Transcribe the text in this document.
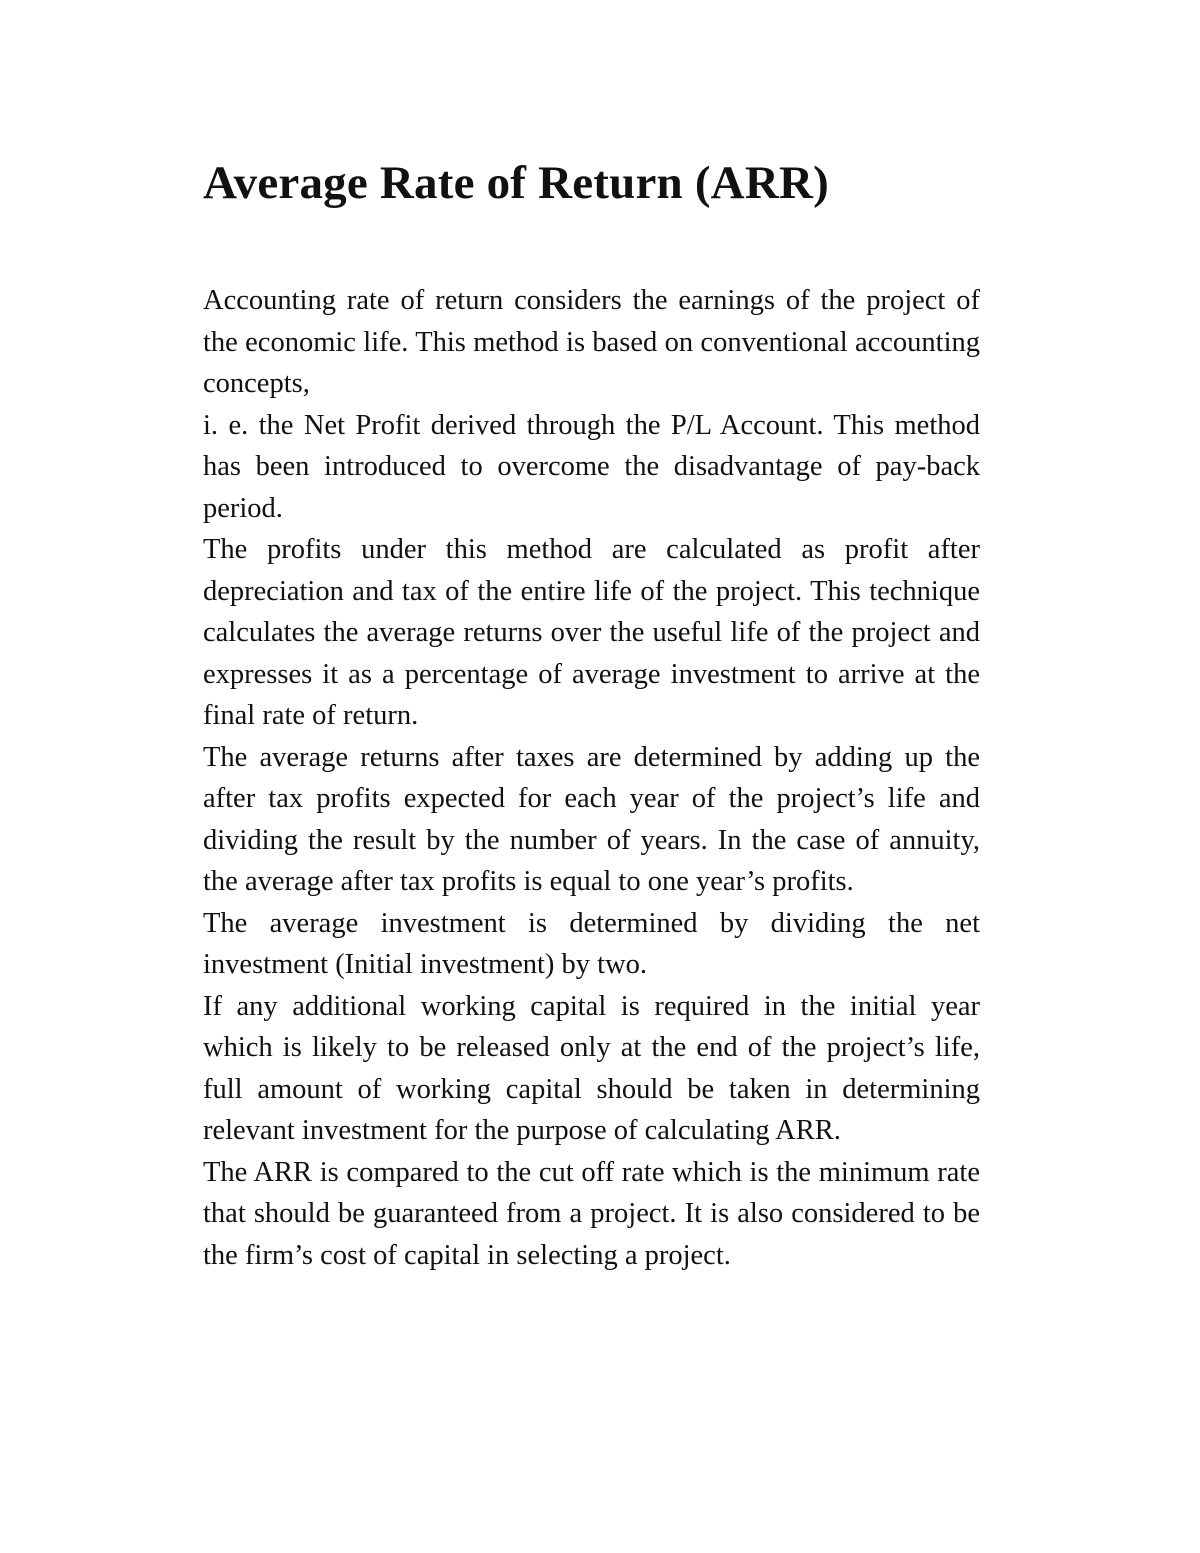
Average Rate of Return (ARR)

Accounting rate of return considers the earnings of the project of the economic life. This method is based on conventional accounting concepts,

i. e. the Net Profit derived through the P/L Account. This method has been introduced to overcome the disadvantage of pay-back period.

The profits under this method are calculated as profit after depreciation and tax of the entire life of the project. This technique calculates the average returns over the useful life of the project and expresses it as a percentage of average investment to arrive at the final rate of return.

The average returns after taxes are determined by adding up the after tax profits expected for each year of the project’s life and dividing the result by the number of years. In the case of annuity, the average after tax profits is equal to one year’s profits.

The average investment is determined by dividing the net investment (Initial investment) by two.

If any additional working capital is required in the initial year which is likely to be released only at the end of the project’s life, full amount of working capital should be taken in determining relevant investment for the purpose of calculating ARR.

The ARR is compared to the cut off rate which is the minimum rate that should be guaranteed from a project. It is also considered to be the firm’s cost of capital in selecting a project.
